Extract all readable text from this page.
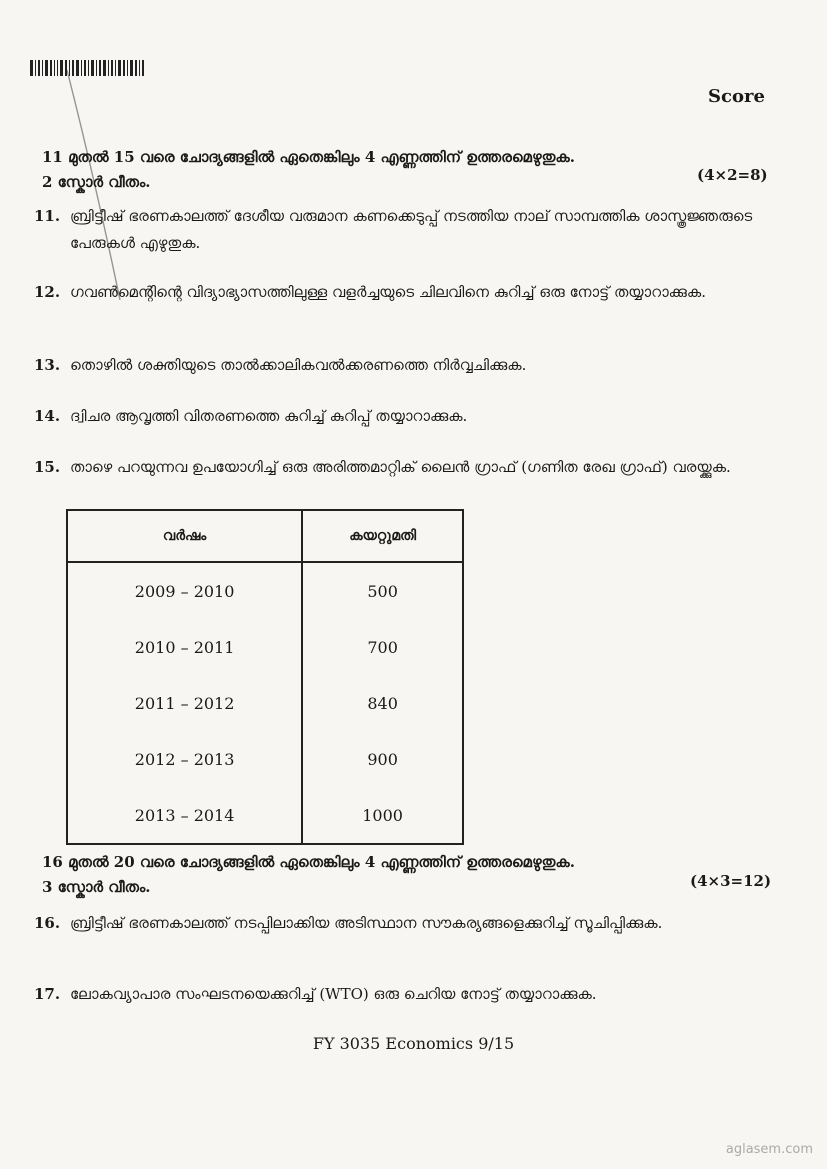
Score
11 മുതൽ 15 വരെ ചോദ്യങ്ങളിൽ ഏതെങ്കിലും 4 എണ്ണത്തിന് ഉത്തരമെഴുതുക.
2 സ്കോർ വീതം.	(4×2=8)
11. ബ്രിട്ടീഷ് ഭരണകാലത്ത് ദേശീയ വരുമാന കണക്കെടുപ്പ് നടത്തിയ നാല് സാമ്പത്തിക ശാസ്ത്രജ്ഞരുടെ പേരുകൾ എഴുതുക.
12. ഗവൺമെന്റിന്റെ വിദ്യാഭ്യാസത്തിലുള്ള വളർച്ചയുടെ ചിലവിനെ കുറിച്ച് ഒരു നോട്ട് തയ്യാറാക്കുക.
13. തൊഴിൽ ശക്തിയുടെ താൽക്കാലികവൽക്കരണത്തെ നിർവ്വചിക്കുക.
14. ദ്വിചര ആവൃത്തി വിതരണത്തെ കുറിച്ച് കുറിപ്പ് തയ്യാറാക്കുക.
15. താഴെ പറയുന്നവ ഉപയോഗിച്ച് ഒരു അരിത്തമാറ്റിക് ലൈൻ ഗ്രാഫ് (ഗണിത രേഖ ഗ്രാഫ്) വരയ്ക്കുക.
വർഷം	കയറ്റുമതി
2009 – 2010	500
2010 – 2011	700
2011 – 2012	840
2012 – 2013	900
2013 – 2014	1000
16 മുതൽ 20 വരെ ചോദ്യങ്ങളിൽ ഏതെങ്കിലും 4 എണ്ണത്തിന് ഉത്തരമെഴുതുക.
3 സ്കോർ വീതം.	(4×3=12)
16. ബ്രിട്ടീഷ് ഭരണകാലത്ത് നടപ്പിലാക്കിയ അടിസ്ഥാന സൗകര്യങ്ങളെക്കുറിച്ച് സൂചിപ്പിക്കുക.
17. ലോകവ്യാപാര സംഘടനയെക്കുറിച്ച് (WTO) ഒരു ചെറിയ നോട്ട് തയ്യാറാക്കുക.
FY 3035 Economics 9/15
aglasem.com
